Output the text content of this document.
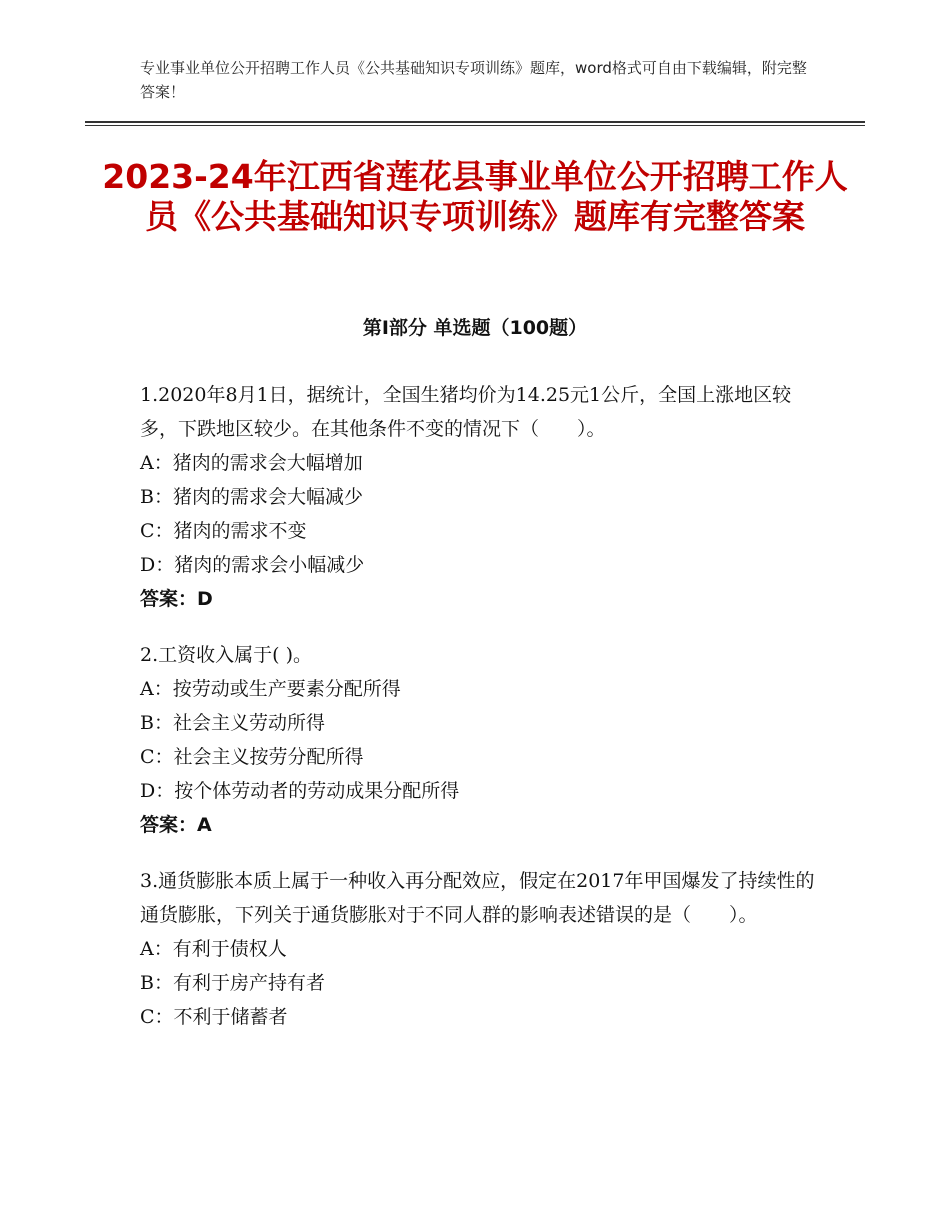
专业事业单位公开招聘工作人员《公共基础知识专项训练》题库，word格式可自由下载编辑，附完整答案！
2023-24年江西省莲花县事业单位公开招聘工作人员《公共基础知识专项训练》题库有完整答案
第Ⅰ部分 单选题（100题）

1.2020年8月1日，据统计，全国生猪均价为14.25元1公斤，全国上涨地区较多，下跌地区较少。在其他条件不变的情况下（　　）。

A：猪肉的需求会大幅增加

B：猪肉的需求会大幅减少

C：猪肉的需求不变

D：猪肉的需求会小幅减少

答案：D

2.工资收入属于( )。

A：按劳动或生产要素分配所得

B：社会主义劳动所得

C：社会主义按劳分配所得

D：按个体劳动者的劳动成果分配所得

答案：A

3.通货膨胀本质上属于一种收入再分配效应，假定在2017年甲国爆发了持续性的通货膨胀，下列关于通货膨胀对于不同人群的影响表述错误的是（　　）。

A：有利于债权人

B：有利于房产持有者

C：不利于储蓄者
